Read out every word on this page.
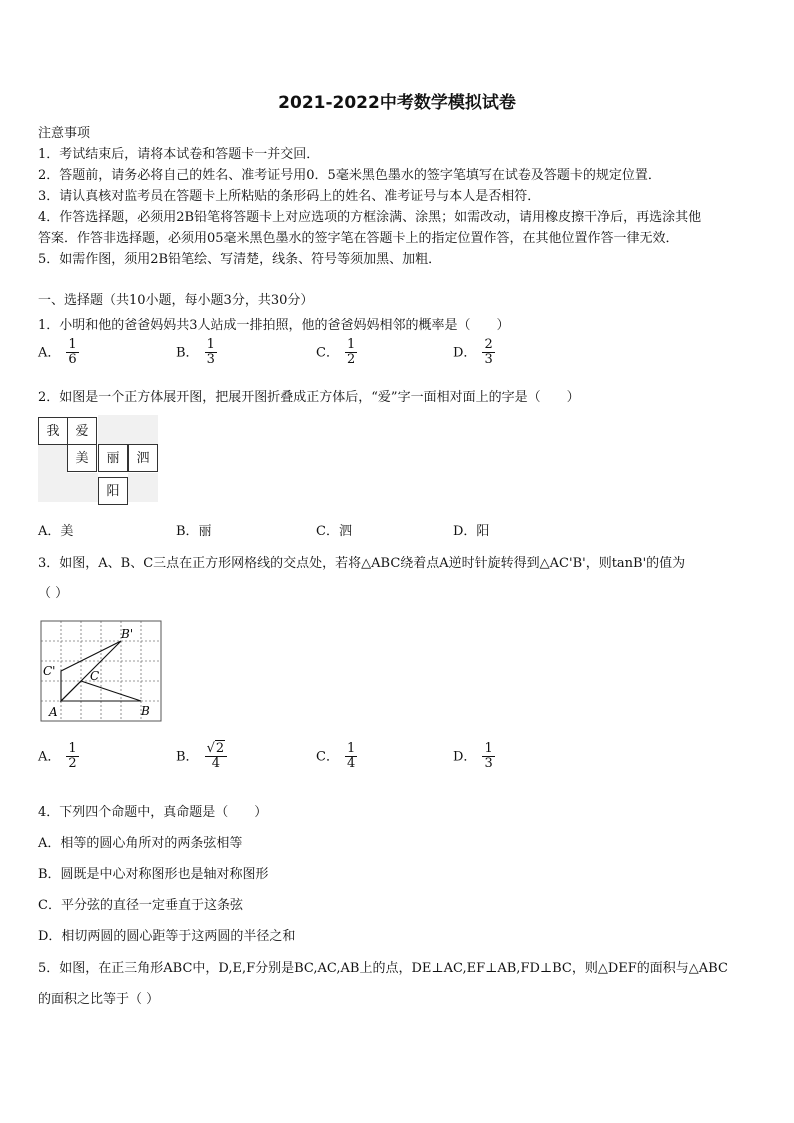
2021-2022中考数学模拟试卷
注意事项
1．考试结束后，请将本试卷和答题卡一并交回．
2．答题前，请务必将自己的姓名、准考证号用0．5毫米黑色墨水的签字笔填写在试卷及答题卡的规定位置．
3．请认真核对监考员在答题卡上所粘贴的条形码上的姓名、准考证号与本人是否相符．
4．作答选择题，必须用2B铅笔将答题卡上对应选项的方框涂满、涂黑；如需改动，请用橡皮擦干净后，再选涂其他
答案．作答非选择题，必须用05毫米黑色墨水的签字笔在答题卡上的指定位置作答，在其他位置作答一律无效．
5．如需作图，须用2B铅笔绘、写清楚，线条、符号等须加黑、加粗．
一、选择题（共10小题，每小题3分，共30分）
1．小明和他的爸爸妈妈共3人站成一排拍照，他的爸爸妈妈相邻的概率是（　　）
A． $\frac{1}{6}$	B． $\frac{1}{3}$	C． $\frac{1}{2}$	D． $\frac{2}{3}$
2．如图是一个正方体展开图，把展开图折叠成正方体后，“爱”字一面相对面上的字是（　　）
我	爱
美	丽	泗
阳
A．美	B．丽	C．泗	D．阳
3．如图，A、B、C三点在正方形网格线的交点处，若将△ABC绕着点A逆时针旋转得到△AC'B'，则tanB'的值为
（ ）
A	B
C
C'
B'
A． $\frac{1}{2}$	B． $\frac{√2}{4}$	C． $\frac{1}{4}$	D． $\frac{1}{3}$
4．下列四个命题中，真命题是（　　）
A．相等的圆心角所对的两条弦相等
B．圆既是中心对称图形也是轴对称图形
C．平分弦的直径一定垂直于这条弦
D．相切两圆的圆心距等于这两圆的半径之和
5．如图，在正三角形ABC中，D,E,F分别是BC,AC,AB上的点，DE⊥AC,EF⊥AB,FD⊥BC，则△DEF的面积与△ABC
的面积之比等于（ ）
